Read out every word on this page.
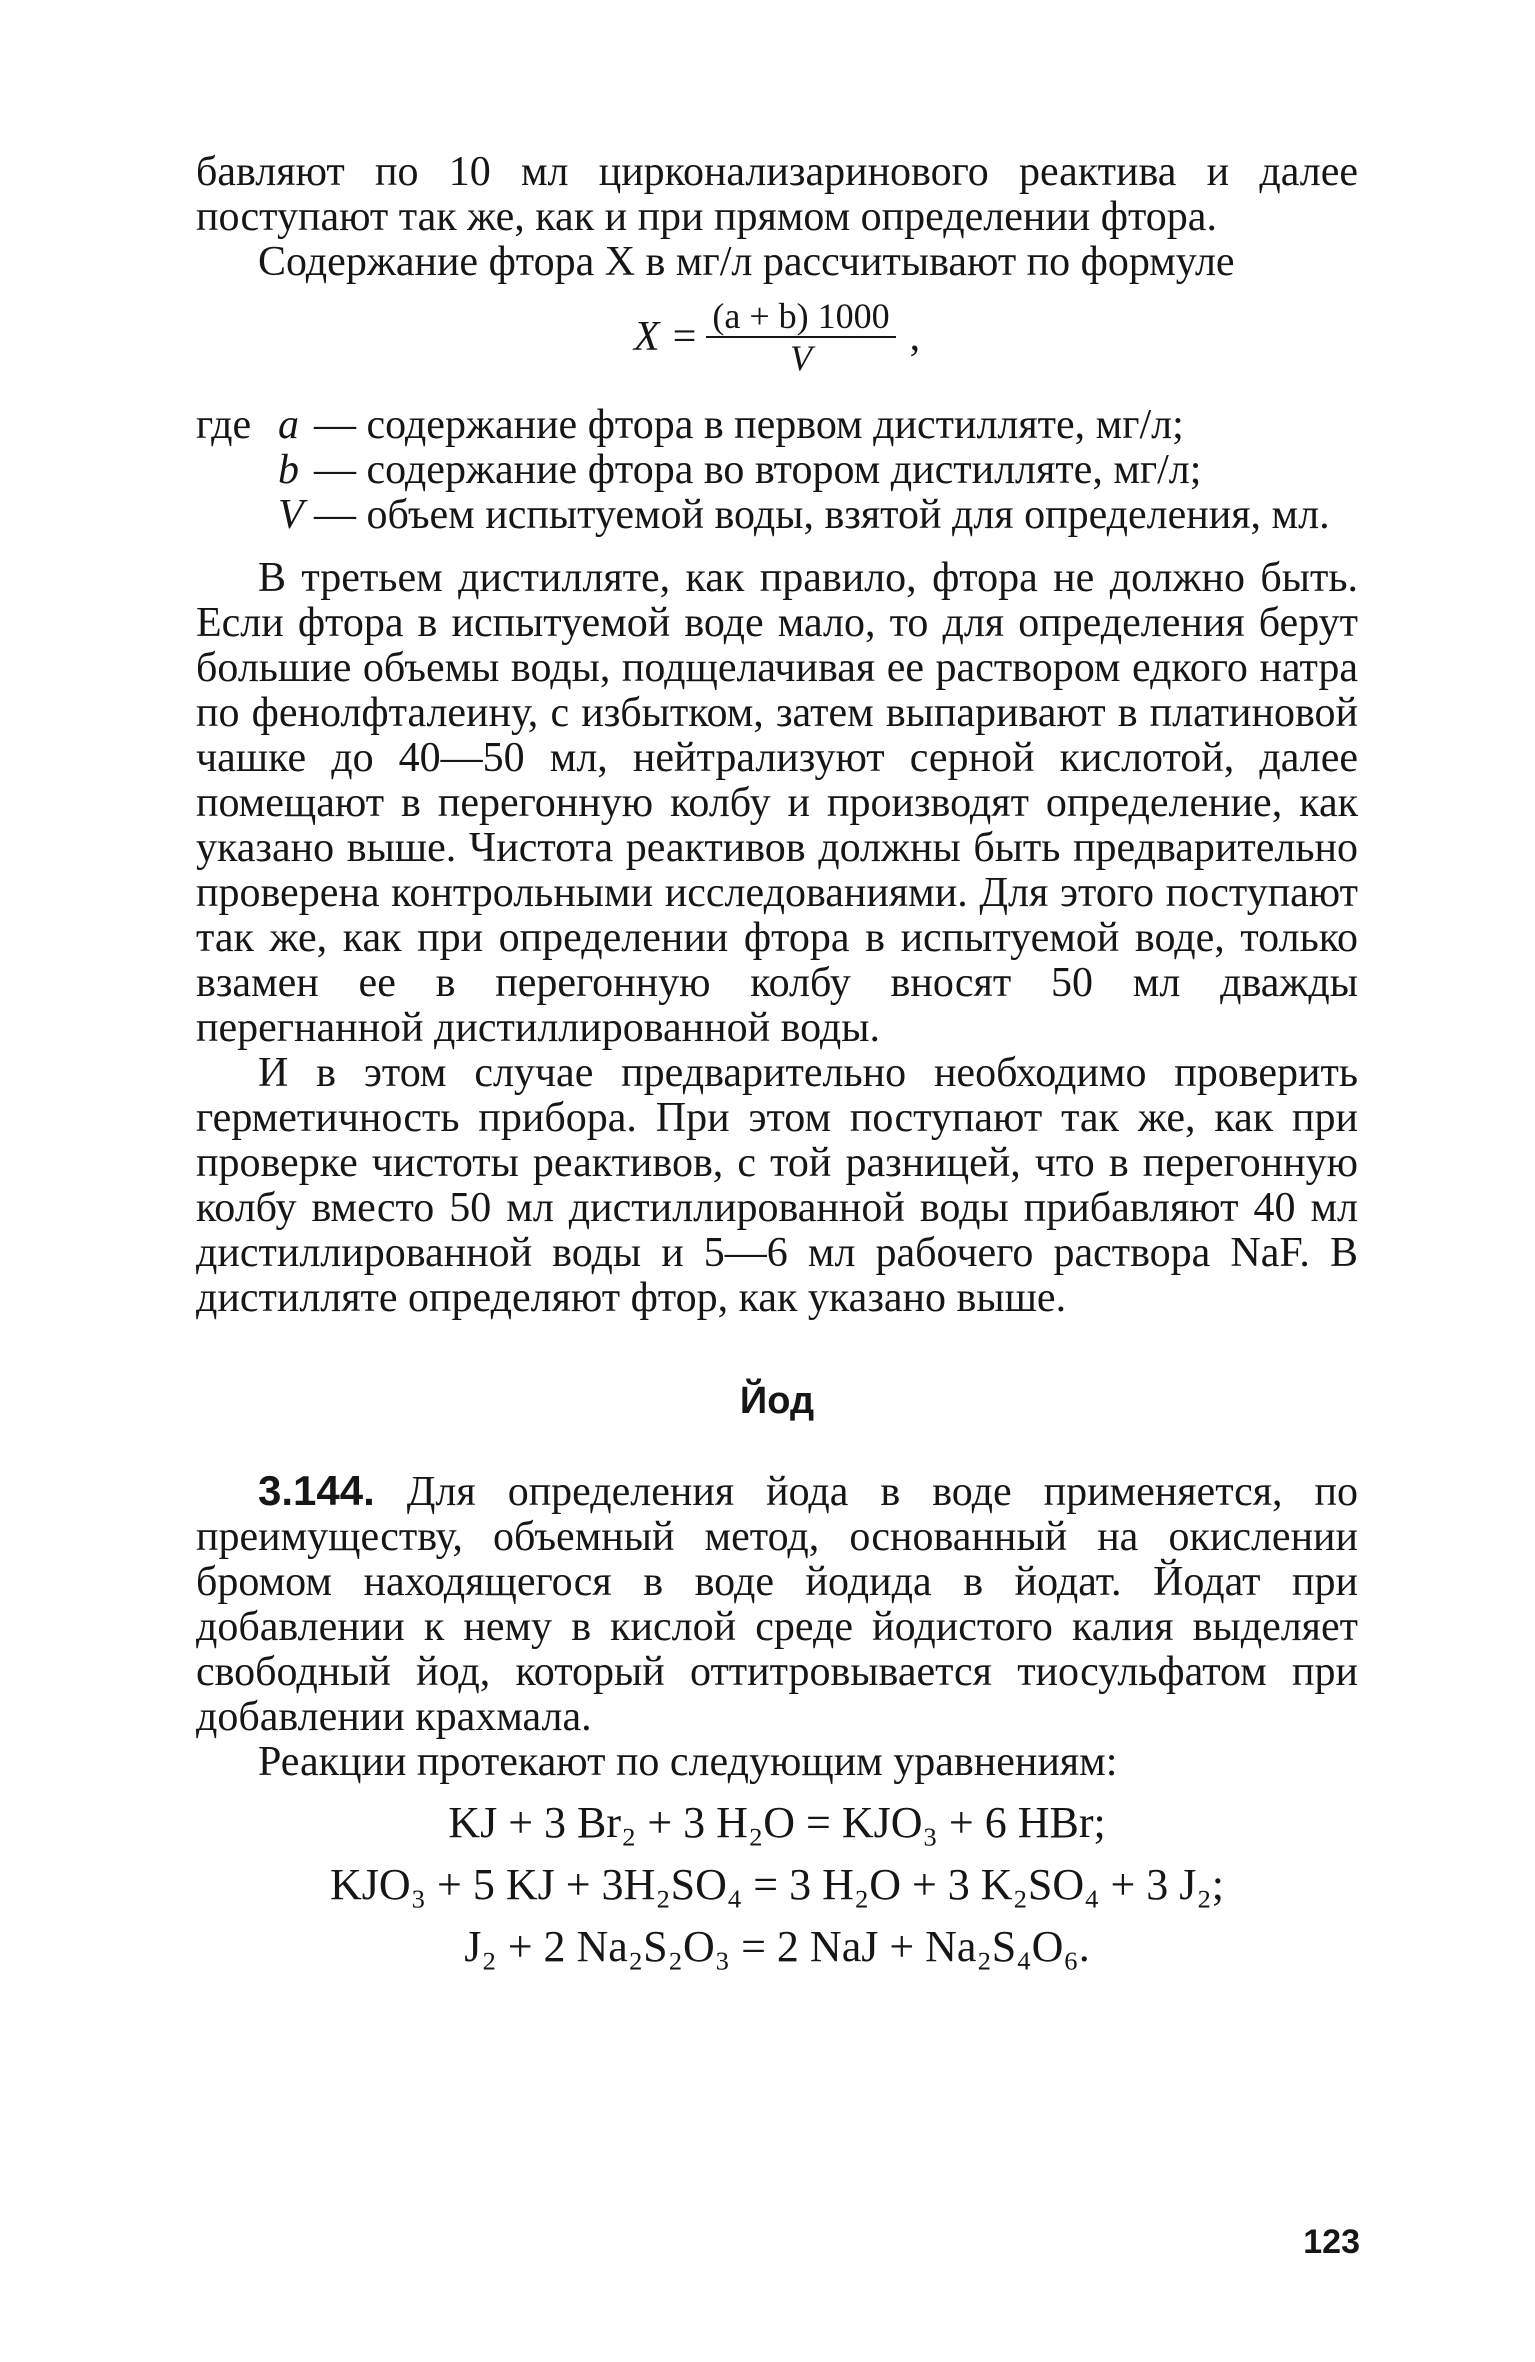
бавляют по 10 мл цирконализаринового реактива и далее поступают так же, как и при прямом определении фтора.

Содержание фтора X в мг/л рассчитывают по формуле

$X = \frac{(a + b) 1000}{V}$ ,
где a — содержание фтора в первом дистилляте, мг/л;
b — содержание фтора во втором дистилляте, мг/л;
V — объем испытуемой воды, взятой для определения, мл.

В третьем дистилляте, как правило, фтора не должно быть. Если фтора в испытуемой воде мало, то для определения берут большие объемы воды, подщелачивая ее раствором едкого натра по фенолфталеину, с избытком, затем выпаривают в платиновой чашке до 40—50 мл, нейтрализуют серной кислотой, далее помещают в перегонную колбу и производят определение, как указано выше. Чистота реактивов должны быть предварительно проверена контрольными исследованиями. Для этого поступают так же, как при определении фтора в испытуемой воде, только взамен ее в перегонную колбу вносят 50 мл дважды перегнанной дистиллированной воды.

И в этом случае предварительно необходимо проверить герметичность прибора. При этом поступают так же, как при проверке чистоты реактивов, с той разницей, что в перегонную колбу вместо 50 мл дистиллированной воды прибавляют 40 мл дистиллированной воды и 5—6 мл рабочего раствора NaF. В дистилляте определяют фтор, как указано выше.

Йод

3.144. Для определения йода в воде применяется, по преимуществу, объемный метод, основанный на окислении бромом находящегося в воде йодида в йодат. Йодат при добавлении к нему в кислой среде йодистого калия выделяет свободный йод, который оттитровывается тиосульфатом при добавлении крахмала.

Реакции протекают по следующим уравнениям:

KJ + 3 Br₂ + 3 H₂O = KJO₃ + 6 HBr;
KJO₃ + 5 KJ + 3H₂SO₄ = 3 H₂O + 3 K₂SO₄ + 3 J₂;
J₂ + 2 Na₂S₂O₃ = 2 NaJ + Na₂S₄O₆.
123
